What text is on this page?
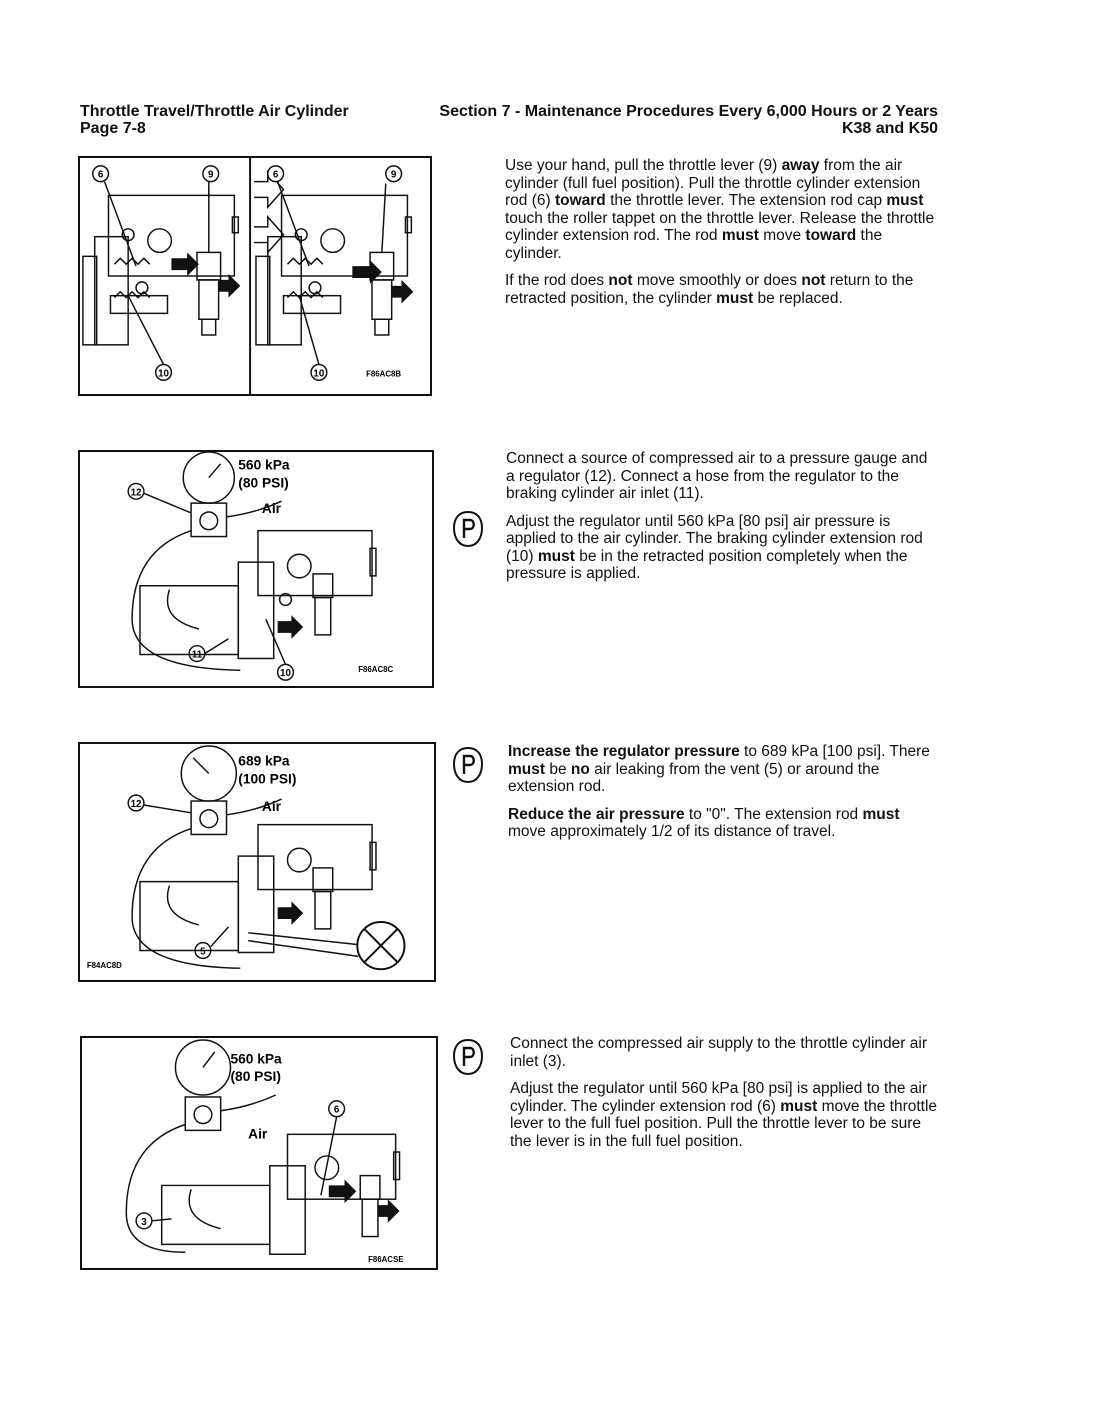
Throttle Travel/Throttle Air Cylinder
Page 7-8
Section 7 - Maintenance Procedures Every 6,000 Hours or 2 Years
K38 and K50
6	9	6	9
10	10	F86AC8B
12
11
10
560 kPa
(80 PSI)
Air
F86AC8C
12
5
689 kPa
(100 PSI)
Air
F84AC8D
3
6
560 kPa
(80 PSI)
Air
F86ACSE

Use your hand, pull the throttle lever (9) away from the air cylinder (full fuel position). Pull the throttle cylinder extension rod (6) toward the throttle lever. The extension rod cap must touch the roller tappet on the throttle lever. Release the throttle cylinder extension rod. The rod must move toward the cylinder.

If the rod does not move smoothly or does not return to the retracted position, the cylinder must be replaced.

Connect a source of compressed air to a pressure gauge and a regulator (12). Connect a hose from the regulator to the braking cylinder air inlet (11).

Adjust the regulator until 560 kPa [80 psi] air pressure is applied to the air cylinder. The braking cylinder extension rod (10) must be in the retracted position completely when the pressure is applied.

Increase the regulator pressure to 689 kPa [100 psi]. There must be no air leaking from the vent (5) or around the extension rod.

Reduce the air pressure to "0". The extension rod must move approximately 1/2 of its distance of travel.

Connect the compressed air supply to the throttle cylinder air inlet (3).

Adjust the regulator until 560 kPa [80 psi] is applied to the air cylinder. The cylinder extension rod (6) must move the throttle lever to the full fuel position. Pull the throttle lever to be sure the lever is in the full fuel position.
